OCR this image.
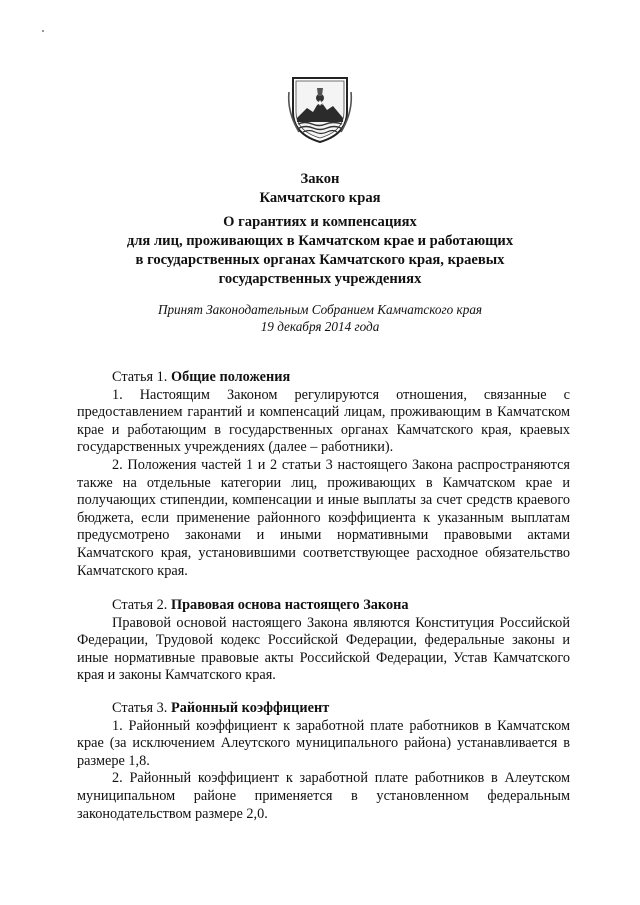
Закон
Камчатского края
О гарантиях и компенсациях
для лиц, проживающих в Камчатском крае и работающих
в государственных органах Камчатского края, краевых
государственных учреждениях
Принят Законодательным Собранием Камчатского края
19 декабря 2014 года
Статья 1. Общие положения

1. Настоящим Законом регулируются отношения, связанные с предоставлением гарантий и компенсаций лицам, проживающим в Камчатском крае и работающим в государственных органах Камчатского края, краевых государственных учреждениях (далее – работники).

2. Положения частей 1 и 2 статьи 3 настоящего Закона распространяются также на отдельные категории лиц, проживающих в Камчатском крае и получающих стипендии, компенсации и иные выплаты за счет средств краевого бюджета, если применение районного коэффициента к указанным выплатам предусмотрено законами и иными нормативными правовыми актами Камчатского края, установившими соответствующее расходное обязательство Камчатского края.

Статья 2. Правовая основа настоящего Закона

Правовой основой настоящего Закона являются Конституция Российской Федерации, Трудовой кодекс Российской Федерации, федеральные законы и иные нормативные правовые акты Российской Федерации, Устав Камчатского края и законы Камчатского края.

Статья 3. Районный коэффициент

1. Районный коэффициент к заработной плате работников в Камчатском крае (за исключением Алеутского муниципального района) устанавливается в размере 1,8.

2. Районный коэффициент к заработной плате работников в Алеутском муниципальном районе применяется в установленном федеральным законодательством размере 2,0.
